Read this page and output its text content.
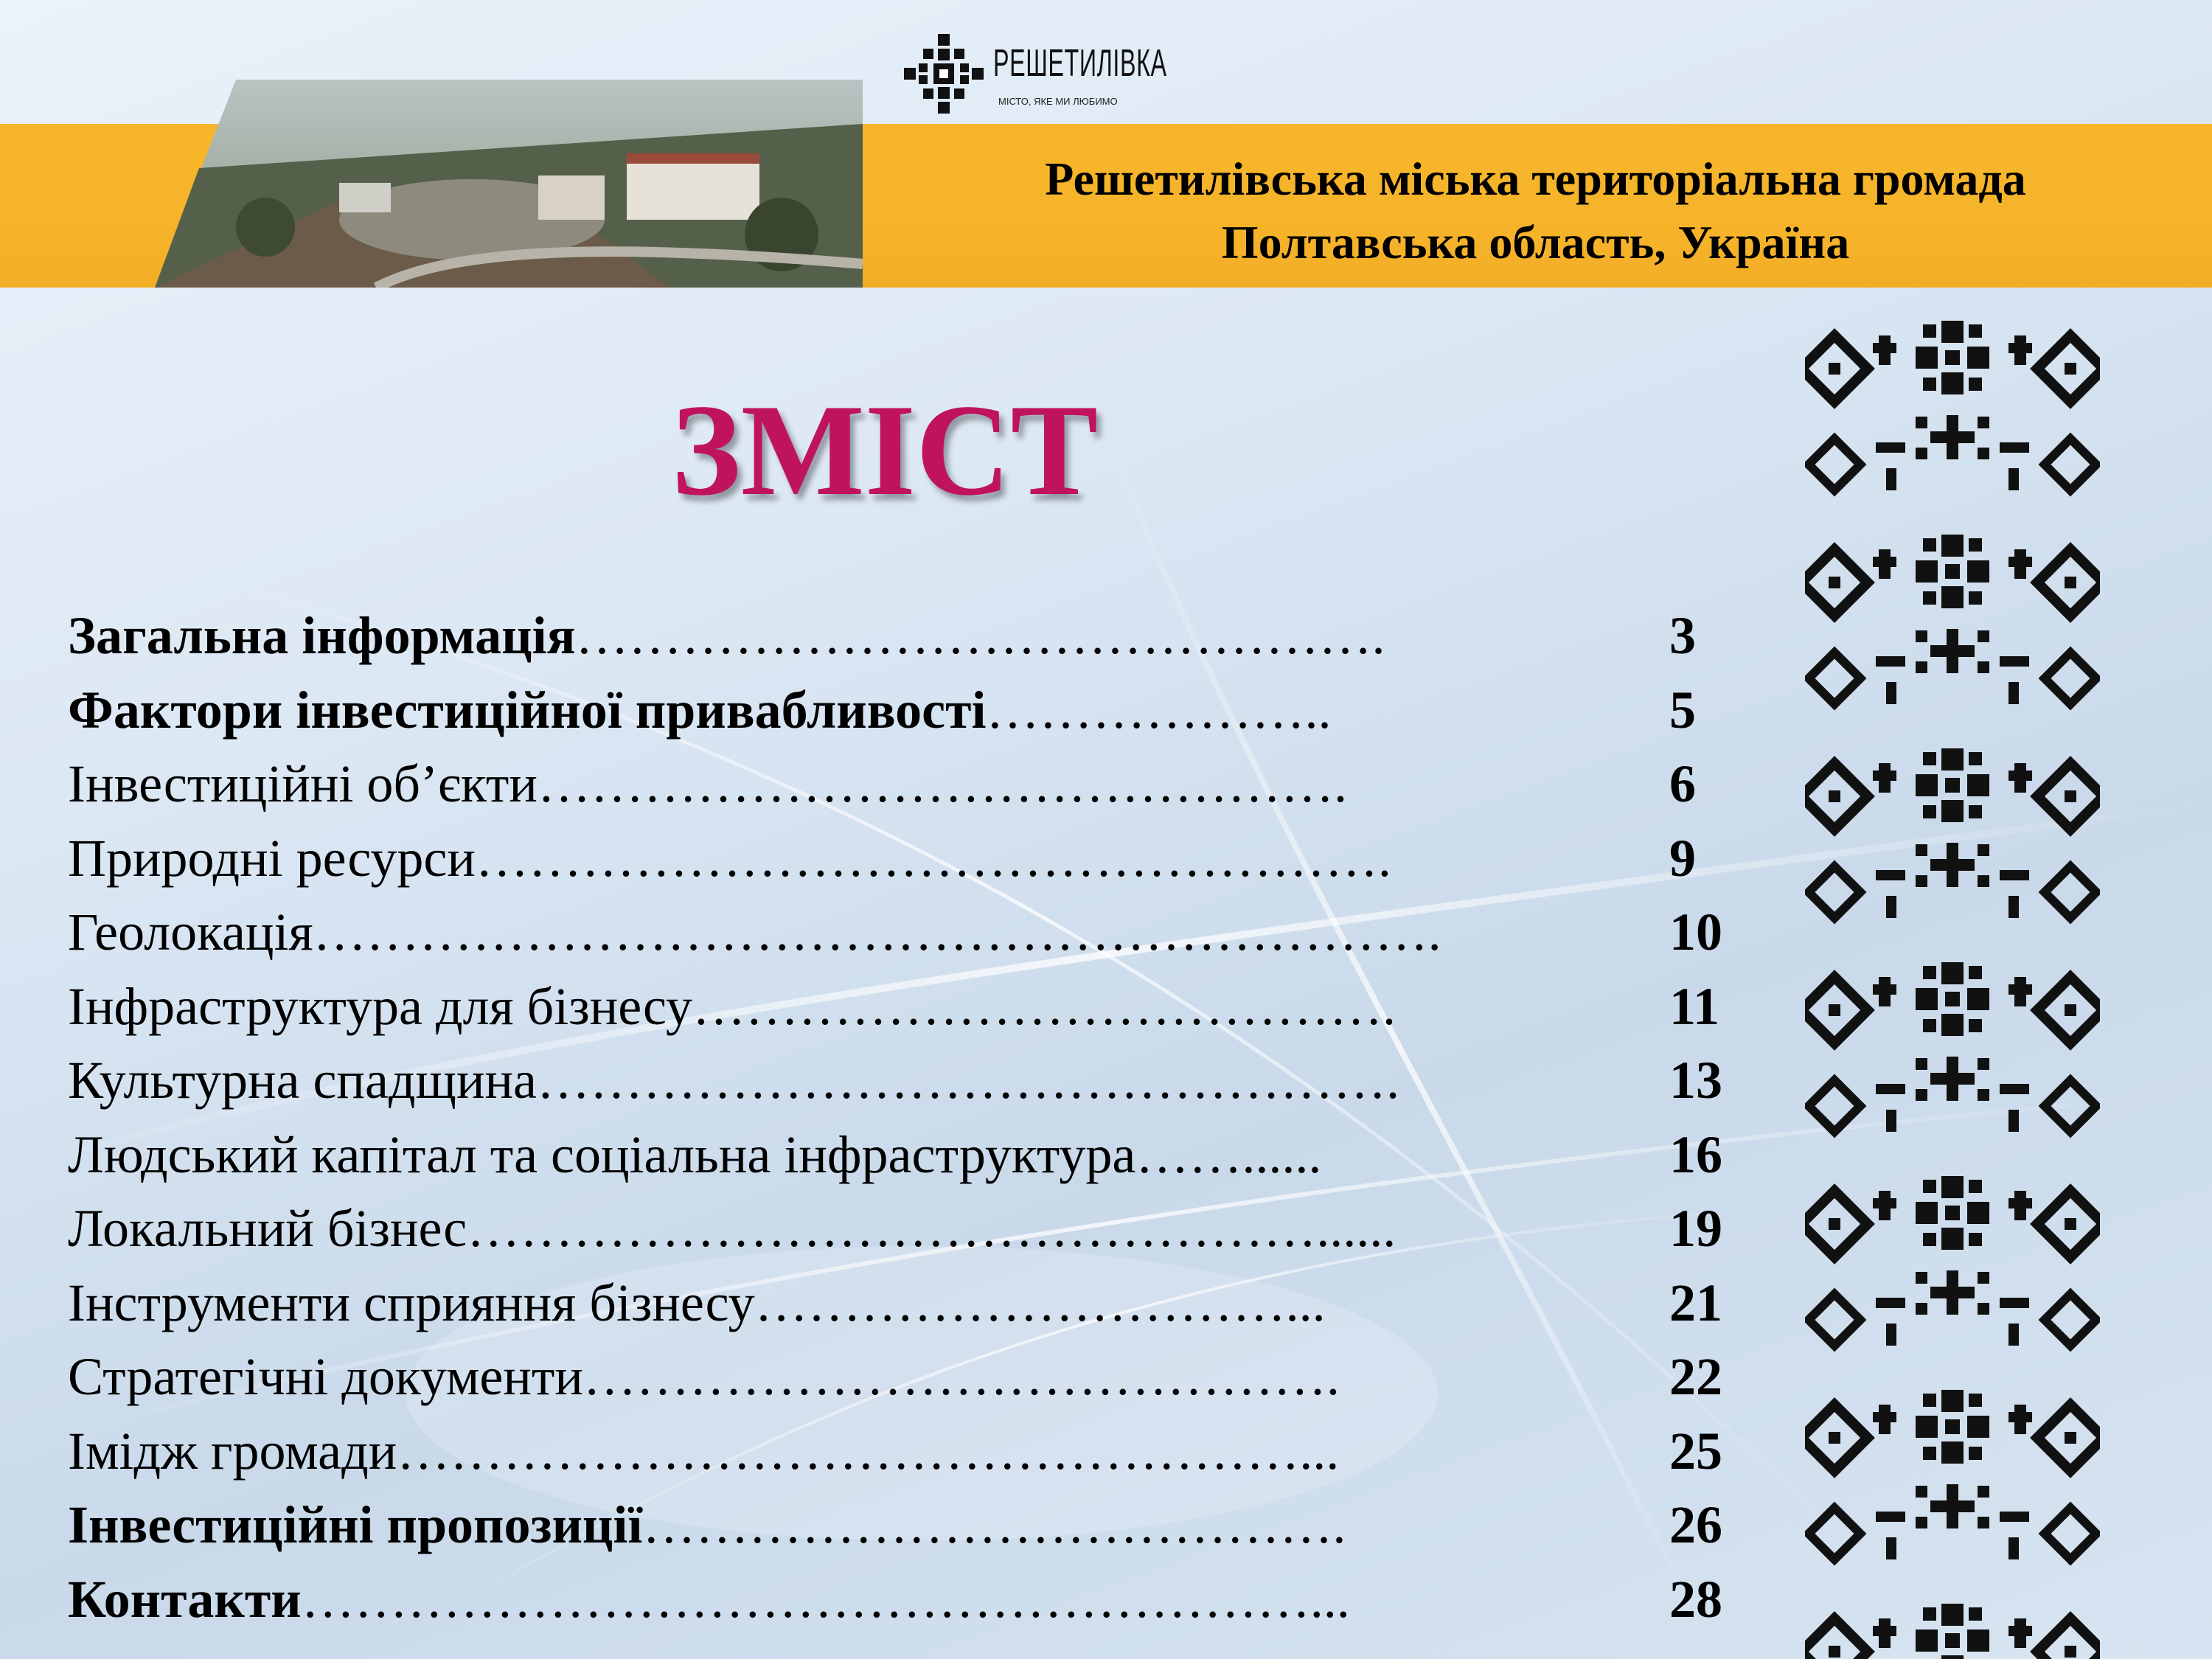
РЕШЕТИЛІВКА
МІСТО, ЯКЕ МИ ЛЮБИМО
Решетилівська міська територіальна громада
Полтавська область, Україна
ЗМІСТ
Загальна інформація……………………………………….	3
Фактори інвестиційної привабливості………………..	5
Інвестиційні об’єкти……………………………………….	6
Природні ресурси…………………………………………….	9
Геолокація……………………………………………………….	10
Інфраструктура для бізнесу………………………………….	11
Культурна спадщина………………………………………….	13
Людський капітал та соціальна інфраструктура……......	16
Локальний бізнес…………………………………………......	19
Інструменти сприяння бізнесу…………………………...	21
Стратегічні документи…………………………………….	22
Імідж громади……………………………………………...	25
Інвестиційні пропозиції………………………………….	26
Контакти…………………………………………………...	28
